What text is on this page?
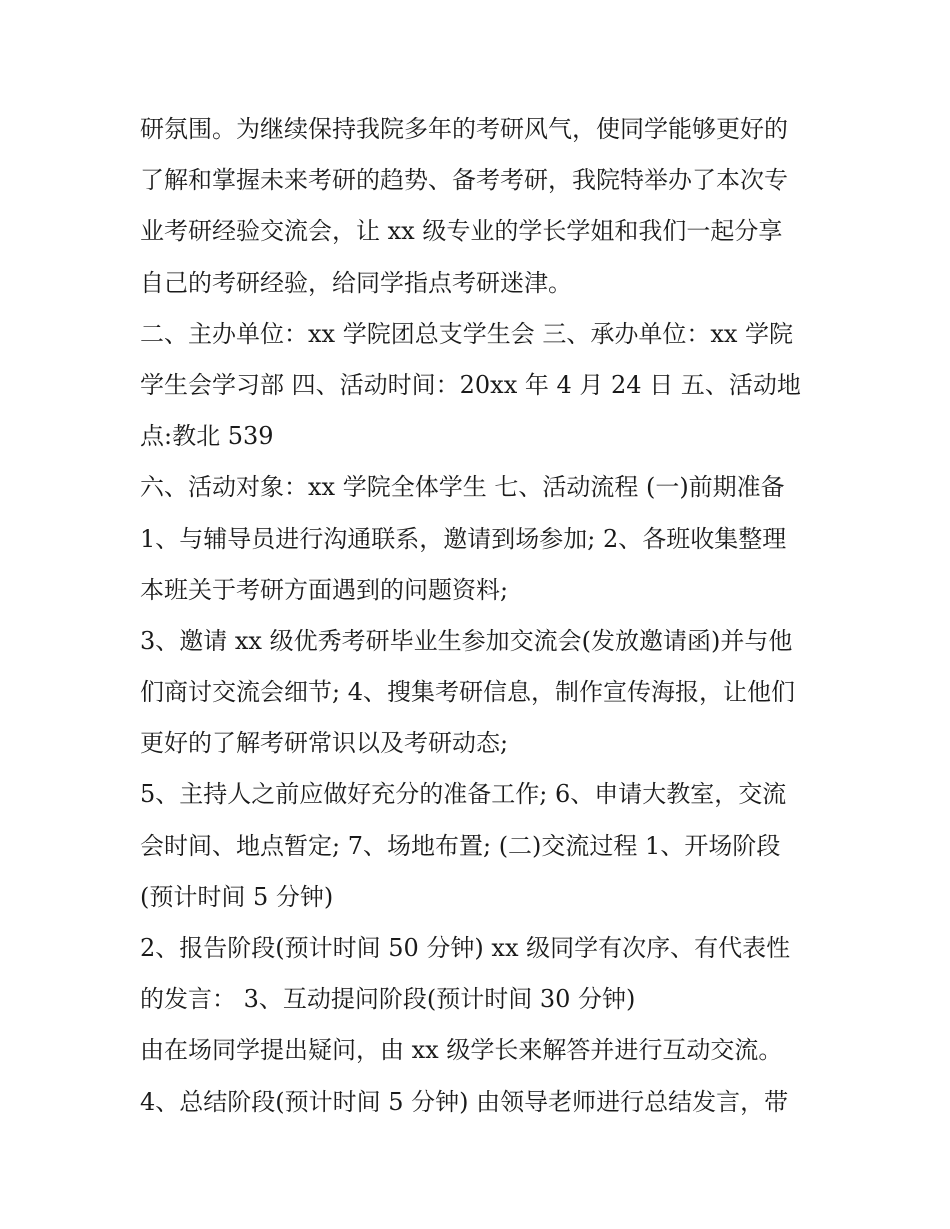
研氛围。为继续保持我院多年的考研风气，使同学能够更好的
了解和掌握未来考研的趋势、备考考研，我院特举办了本次专
业考研经验交流会，让 xx 级专业的学长学姐和我们一起分享
自己的考研经验，给同学指点考研迷津。
二、主办单位：xx 学院团总支学生会 三、承办单位：xx 学院
学生会学习部 四、活动时间：20xx 年 4 月 24 日 五、活动地
点:教北 539
六、活动对象：xx 学院全体学生 七、活动流程 (一)前期准备
1、与辅导员进行沟通联系，邀请到场参加; 2、各班收集整理
本班关于考研方面遇到的问题资料;
3、邀请 xx 级优秀考研毕业生参加交流会(发放邀请函)并与他
们商讨交流会细节; 4、搜集考研信息，制作宣传海报，让他们
更好的了解考研常识以及考研动态;
5、主持人之前应做好充分的准备工作; 6、申请大教室，交流
会时间、地点暂定; 7、场地布置; (二)交流过程 1、开场阶段
(预计时间 5 分钟)
2、报告阶段(预计时间 50 分钟) xx 级同学有次序、有代表性
的发言： 3、互动提问阶段(预计时间 30 分钟)
由在场同学提出疑问，由 xx 级学长来解答并进行互动交流。
4、总结阶段(预计时间 5 分钟) 由领导老师进行总结发言，带
